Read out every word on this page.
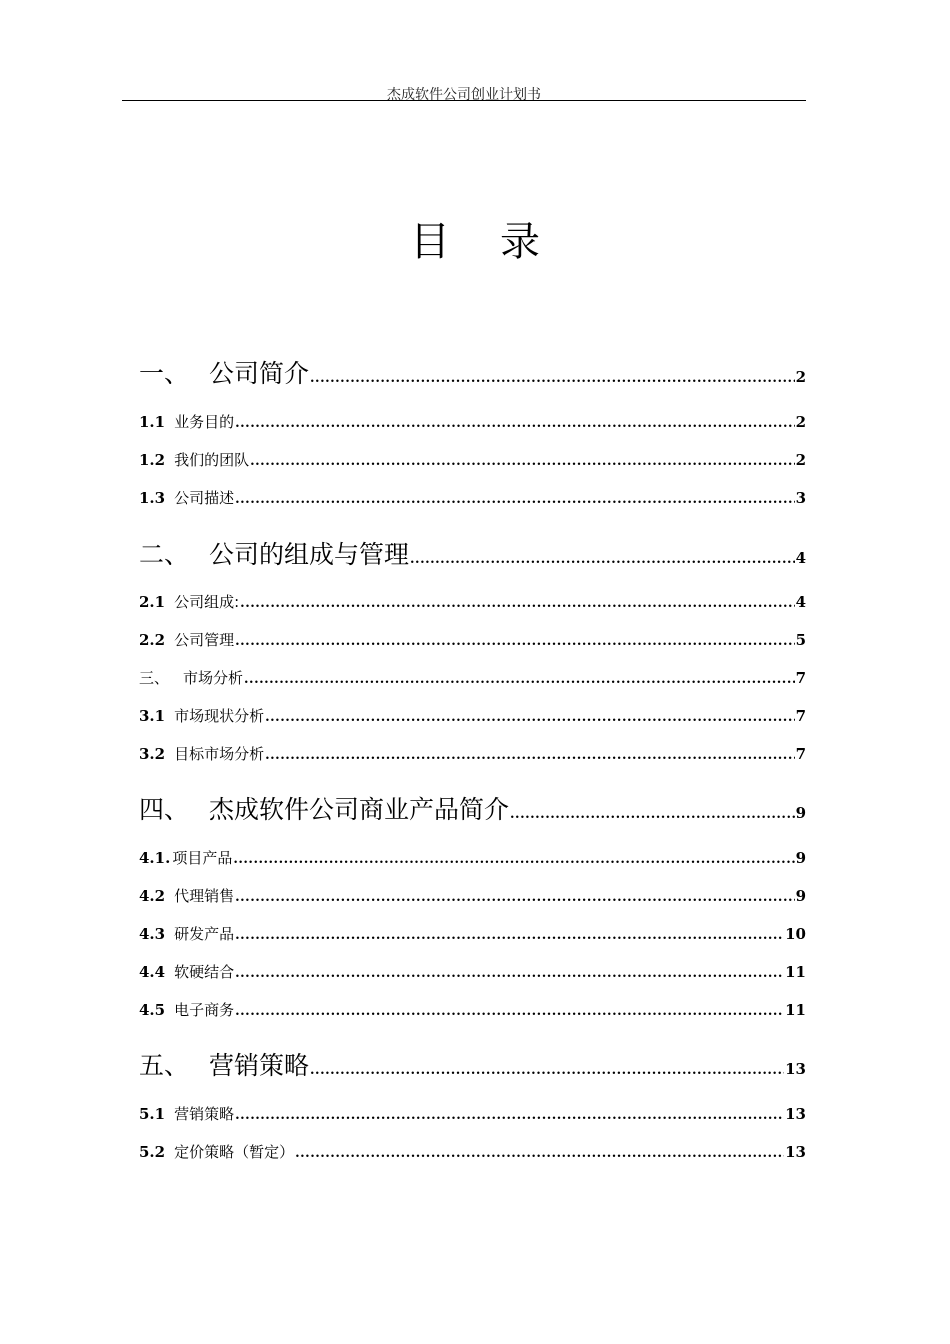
杰成软件公司创业计划书
目录
一、 公司简介 .....	2
1.1 业务目的 .....	2
1.2 我们的团队 .....	2
1.3 公司描述 .....	3
二、 公司的组成与管理 .....	4
2.1 公司组成: .....	4
2.2 公司管理 .....	5
三、 市场分析 .....	7
3.1 市场现状分析 .....	7
3.2 目标市场分析 .....	7
四、 杰成软件公司商业产品简介 .....	9
4.1. 项目产品 .....	9
4.2 代理销售 .....	9
4.3 研发产品 .....	10
4.4 软硬结合 .....	11
4.5 电子商务 .....	11
五、 营销策略 .....	13
5.1 营销策略 .....	13
5.2 定价策略（暂定） .....	13
